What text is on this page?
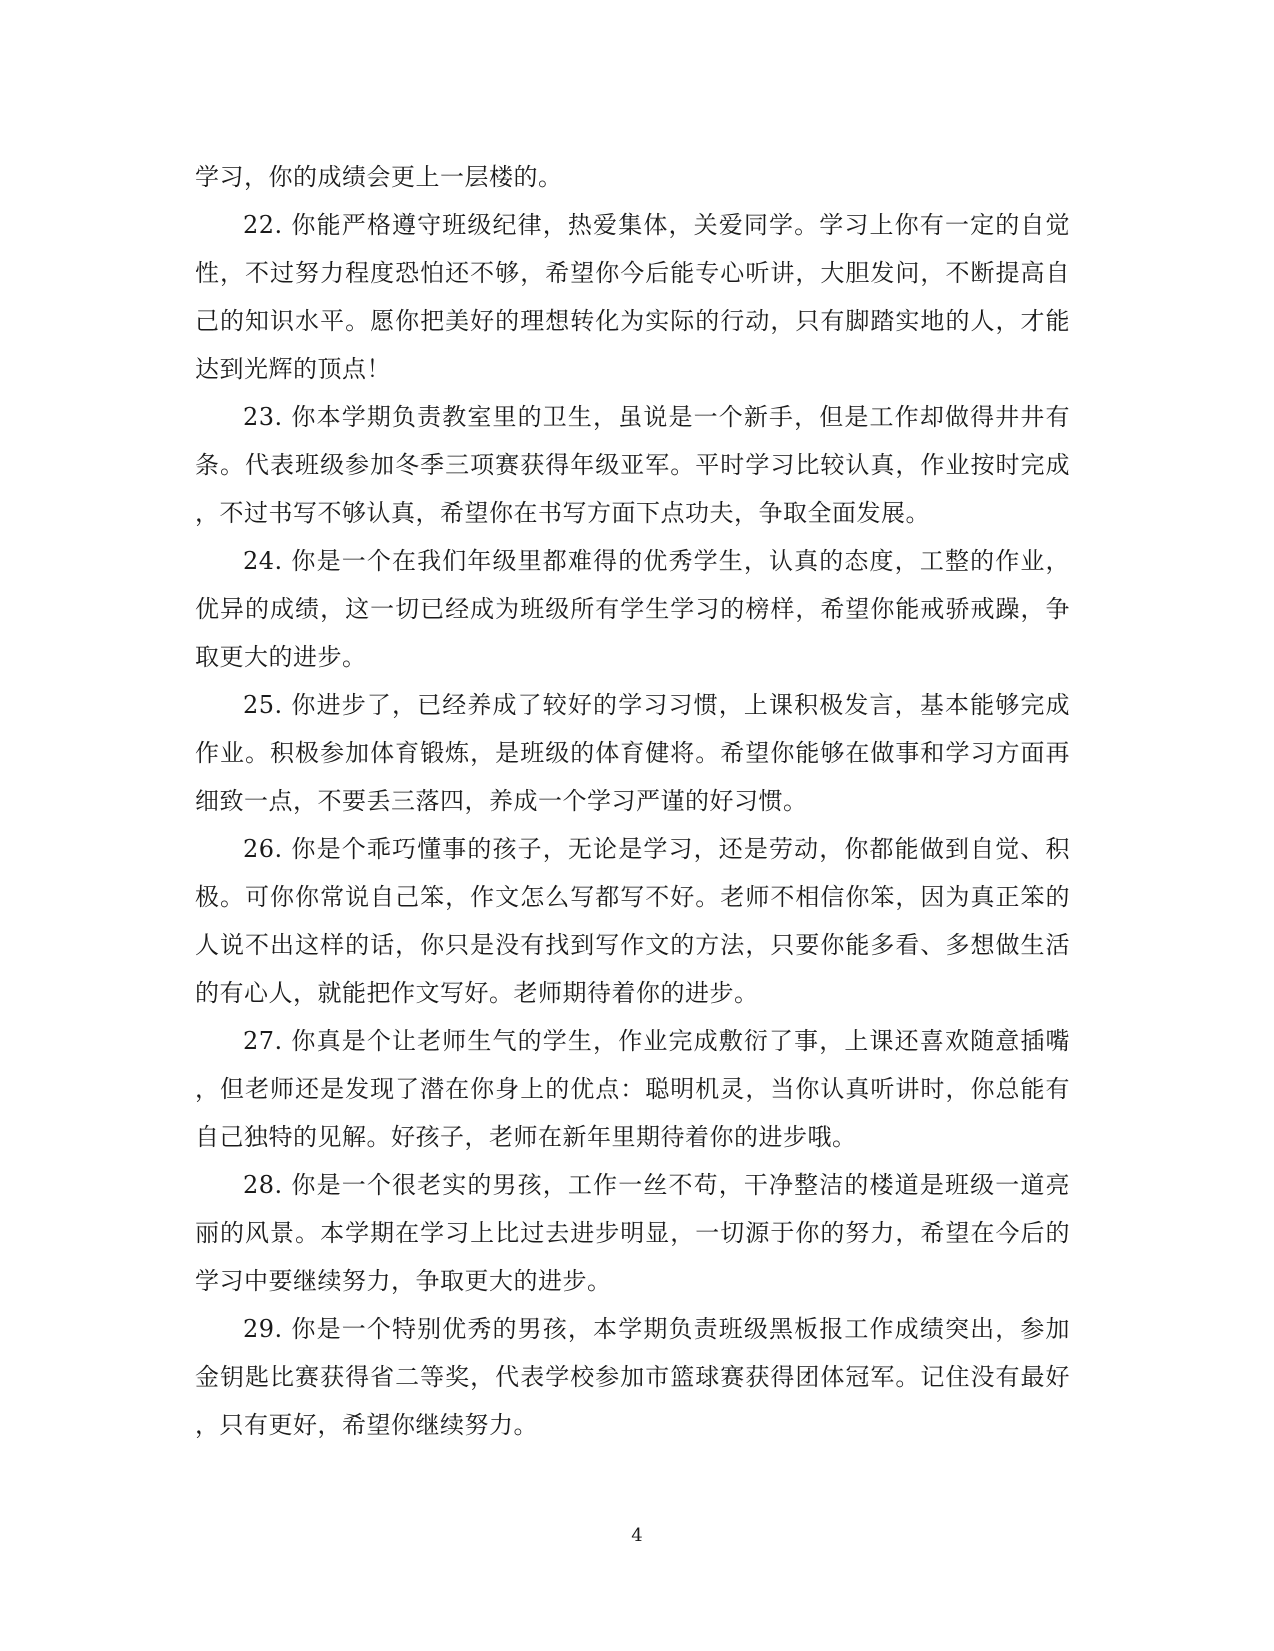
学习，你的成绩会更上一层楼的。
22. 你能严格遵守班级纪律，热爱集体，关爱同学。学习上你有一定的自觉
性，不过努力程度恐怕还不够，希望你今后能专心听讲，大胆发问，不断提高自
己的知识水平。愿你把美好的理想转化为实际的行动，只有脚踏实地的人，才能
达到光辉的顶点！
23. 你本学期负责教室里的卫生，虽说是一个新手，但是工作却做得井井有
条。代表班级参加冬季三项赛获得年级亚军。平时学习比较认真，作业按时完成
，不过书写不够认真，希望你在书写方面下点功夫，争取全面发展。
24. 你是一个在我们年级里都难得的优秀学生，认真的态度，工整的作业，
优异的成绩，这一切已经成为班级所有学生学习的榜样，希望你能戒骄戒躁，争
取更大的进步。
25. 你进步了，已经养成了较好的学习习惯，上课积极发言，基本能够完成
作业。积极参加体育锻炼，是班级的体育健将。希望你能够在做事和学习方面再
细致一点，不要丢三落四，养成一个学习严谨的好习惯。
26. 你是个乖巧懂事的孩子，无论是学习，还是劳动，你都能做到自觉、积
极。可你你常说自己笨，作文怎么写都写不好。老师不相信你笨，因为真正笨的
人说不出这样的话，你只是没有找到写作文的方法，只要你能多看、多想做生活
的有心人，就能把作文写好。老师期待着你的进步。
27. 你真是个让老师生气的学生，作业完成敷衍了事，上课还喜欢随意插嘴
，但老师还是发现了潜在你身上的优点：聪明机灵，当你认真听讲时，你总能有
自己独特的见解。好孩子，老师在新年里期待着你的进步哦。
28. 你是一个很老实的男孩，工作一丝不苟，干净整洁的楼道是班级一道亮
丽的风景。本学期在学习上比过去进步明显，一切源于你的努力，希望在今后的
学习中要继续努力，争取更大的进步。
29. 你是一个特别优秀的男孩，本学期负责班级黑板报工作成绩突出，参加
金钥匙比赛获得省二等奖，代表学校参加市篮球赛获得团体冠军。记住没有最好
，只有更好，希望你继续努力。
4
